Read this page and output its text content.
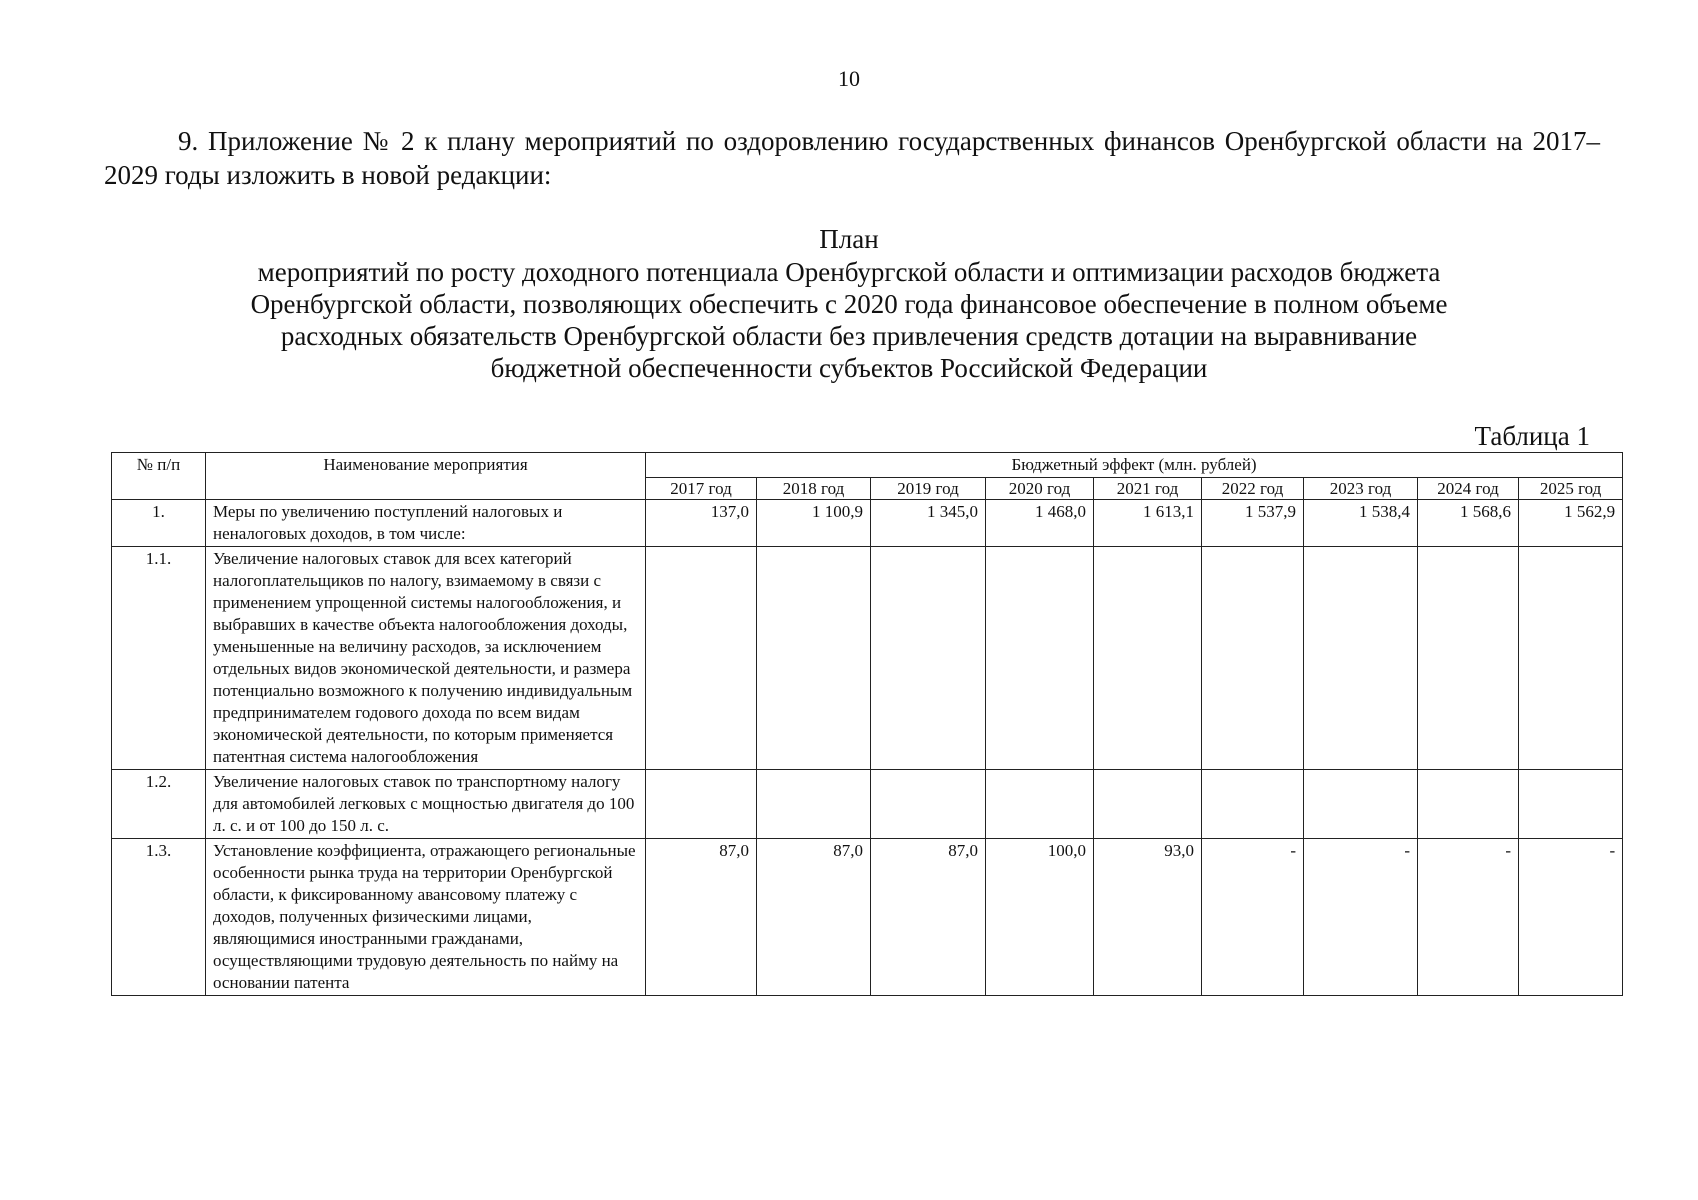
10
9. Приложение № 2 к плану мероприятий по оздоровлению государственных финансов Оренбургской области на 2017–2029 годы изложить в новой редакции:
План
мероприятий по росту доходного потенциала Оренбургской области и оптимизации расходов бюджета
Оренбургской области, позволяющих обеспечить с 2020 года финансовое обеспечение в полном объеме
расходных обязательств Оренбургской области без привлечения средств дотации на выравнивание
бюджетной обеспеченности субъектов Российской Федерации
Таблица 1
№ п/п	Наименование мероприятия	Бюджетный эффект (млн. рублей)								
		2017 год	2018 год	2019 год	2020 год	2021 год	2022 год	2023 год	2024 год	2025 год
1.	Меры по увеличению поступлений налоговых и неналоговых доходов, в том числе:	137,0	1 100,9	1 345,0	1 468,0	1 613,1	1 537,9	1 538,4	1 568,6	1 562,9
1.1.	Увеличение налоговых ставок для всех категорий налогоплательщиков по налогу, взимаемому в связи с применением упрощенной системы налогообложения, и выбравших в качестве объекта налогообложения доходы, уменьшенные на величину расходов, за исключением отдельных видов экономической деятельности, и размера потенциально возможного к получению индивидуальным предпринимателем годового дохода по всем видам экономической деятельности, по которым применяется патентная система налогообложения									
1.2.	Увеличение налоговых ставок по транспортному налогу для автомобилей легковых с мощностью двигателя до 100 л. с. и от 100 до 150 л. с.									
1.3.	Установление коэффициента, отражающего региональные особенности рынка труда на территории Оренбургской области, к фиксированному авансовому платежу с доходов, полученных физическими лицами, являющимися иностранными гражданами, осуществляющими трудовую деятельность по найму на основании патента	87,0	87,0	87,0	100,0	93,0	-	-	-	-
